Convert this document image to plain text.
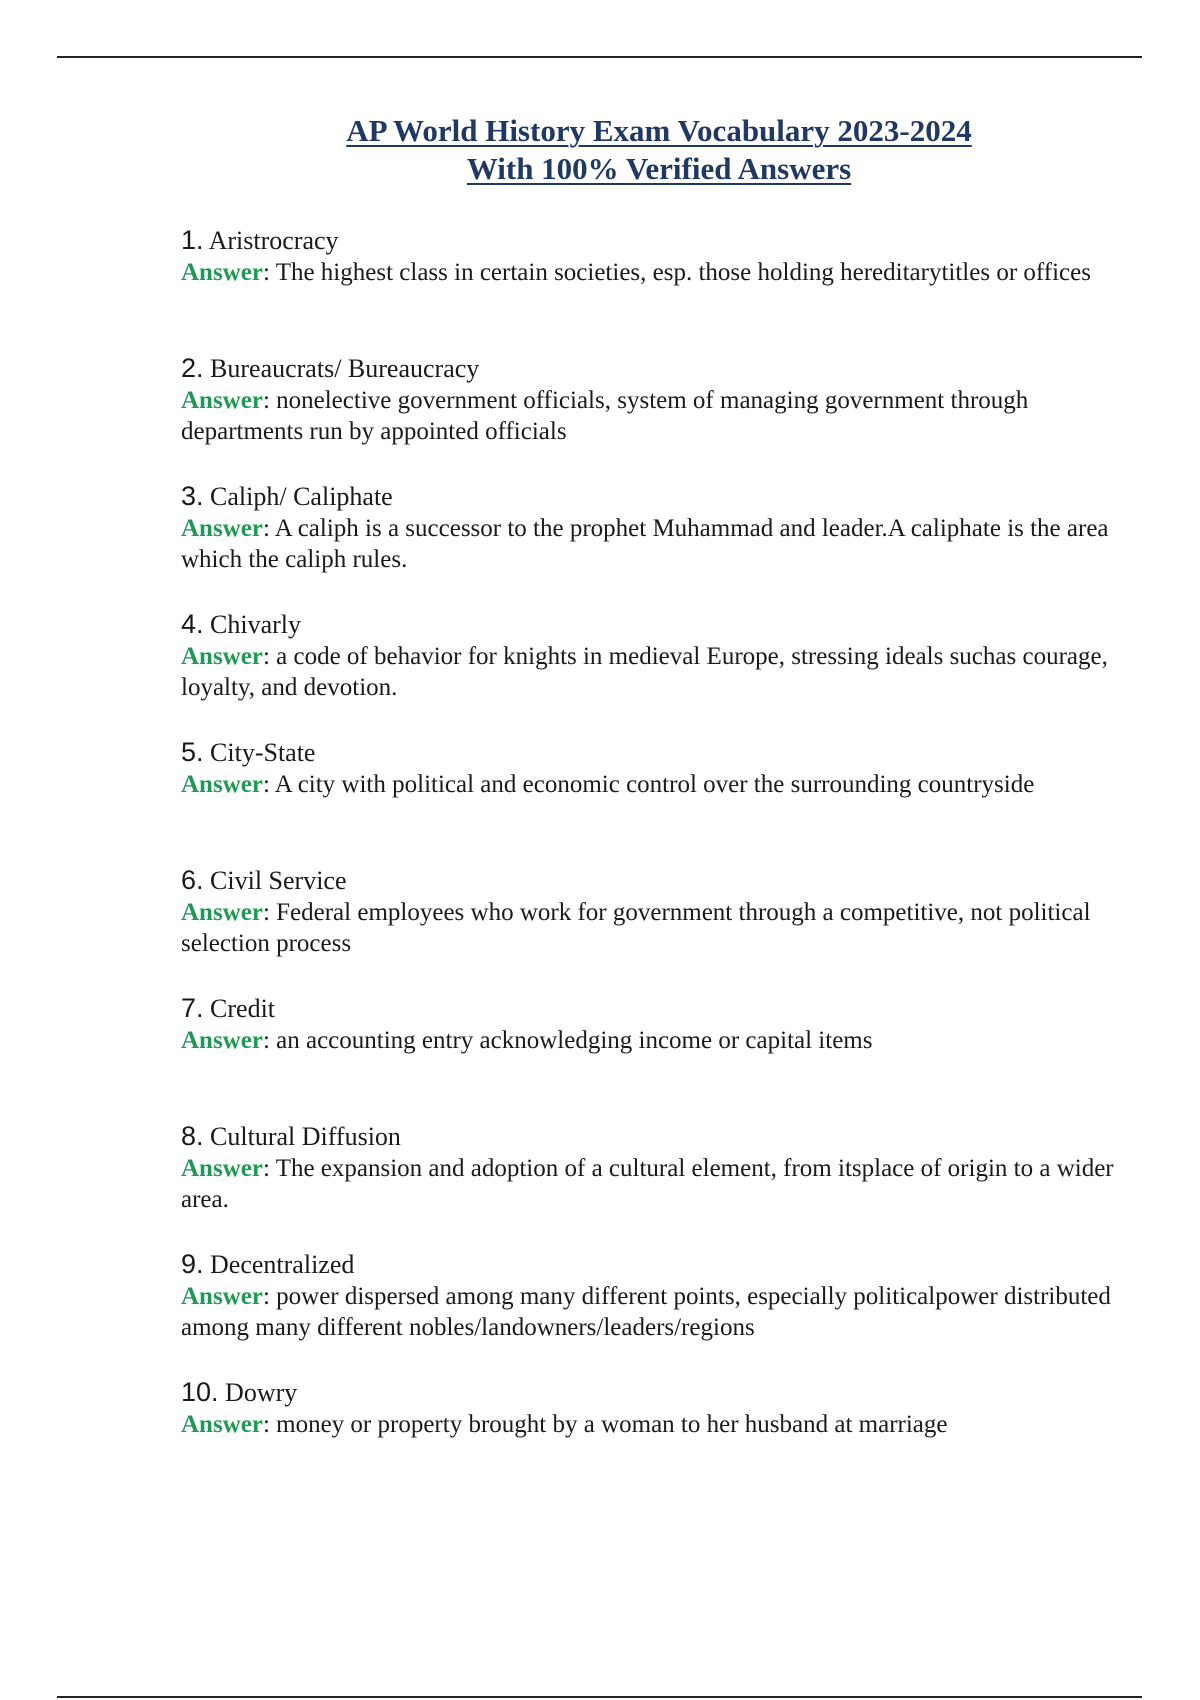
AP World History Exam Vocabulary 2023-2024
With 100% Verified Answers
1. Aristrocracy
Answer: The highest class in certain societies, esp. those holding hereditarytitles or offices
2. Bureaucrats/ Bureaucracy
Answer: nonelective government officials, system of managing government through departments run by appointed officials
3. Caliph/ Caliphate
Answer: A caliph is a successor to the prophet Muhammad and leader.A caliphate is the area which the caliph rules.
4. Chivarly
Answer: a code of behavior for knights in medieval Europe, stressing ideals suchas courage, loyalty, and devotion.
5. City-State
Answer: A city with political and economic control over the surrounding countryside
6. Civil Service
Answer: Federal employees who work for government through a competitive, not political selection process
7. Credit
Answer: an accounting entry acknowledging income or capital items
8. Cultural Diffusion
Answer: The expansion and adoption of a cultural element, from itsplace of origin to a wider area.
9. Decentralized
Answer: power dispersed among many different points, especially politicalpower distributed among many different nobles/landowners/leaders/regions
10. Dowry
Answer: money or property brought by a woman to her husband at marriage
